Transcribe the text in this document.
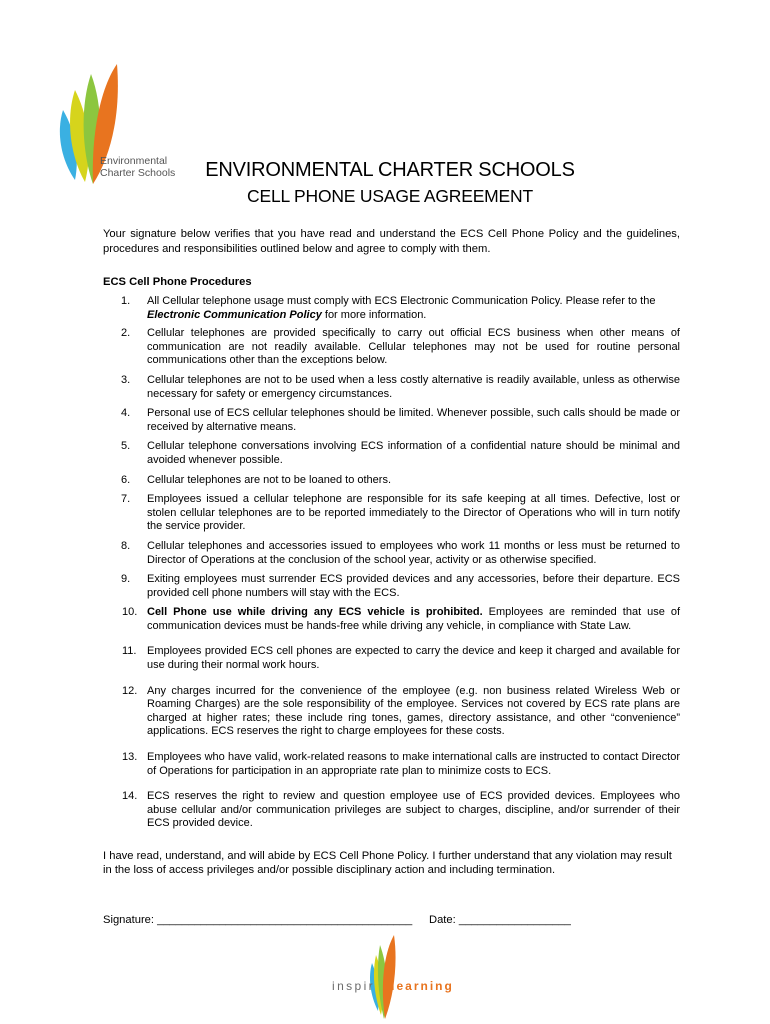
Environmental
Charter Schools	ENVIRONMENTAL CHARTER SCHOOLS
CELL PHONE USAGE AGREEMENT
Your signature below verifies that you have read and understand the ECS Cell Phone Policy and the guidelines, procedures and responsibilities outlined below and agree to comply with them.
ECS Cell Phone Procedures
1.	All Cellular telephone usage must comply with ECS Electronic Communication Policy. Please refer to the
Electronic Communication Policy for more information.
2.	Cellular telephones are provided specifically to carry out official ECS business when other means of communication are not readily available. Cellular telephones may not be used for routine personal communications other than the exceptions below.
3.	Cellular telephones are not to be used when a less costly alternative is readily available, unless as otherwise necessary for safety or emergency circumstances.
4.	Personal use of ECS cellular telephones should be limited. Whenever possible, such calls should be made or received by alternative means.
5.	Cellular telephone conversations involving ECS information of a confidential nature should be minimal and avoided whenever possible.
6.	Cellular telephones are not to be loaned to others.
7.	Employees issued a cellular telephone are responsible for its safe keeping at all times. Defective, lost or stolen cellular telephones are to be reported immediately to the Director of Operations who will in turn notify the service provider.
8.	Cellular telephones and accessories issued to employees who work 11 months or less must be returned to Director of Operations at the conclusion of the school year, activity or as otherwise specified.
9.	Exiting employees must surrender ECS provided devices and any accessories, before their departure. ECS provided cell phone numbers will stay with the ECS.
10. Cell Phone use while driving any ECS vehicle is prohibited. Employees are reminded that use of communication devices must be hands-free while driving any vehicle, in compliance with State Law.
11. Employees provided ECS cell phones are expected to carry the device and keep it charged and available for use during their normal work hours.
12. Any charges incurred for the convenience of the employee (e.g. non business related Wireless Web or Roaming Charges) are the sole responsibility of the employee. Services not covered by ECS rate plans are charged at higher rates; these include ring tones, games, directory assistance, and other “convenience” applications. ECS reserves the right to charge employees for these costs.
13. Employees who have valid, work-related reasons to make international calls are instructed to contact Director of Operations for participation in an appropriate rate plan to minimize costs to ECS.
14. ECS reserves the right to review and question employee use of ECS provided devices. Employees who abuse cellular and/or communication privileges are subject to charges, discipline, and/or surrender of their ECS provided device.
I have read, understand, and will abide by ECS Cell Phone Policy. I further understand that any violation may result in the loss of access privileges and/or possible disciplinary action and including termination.
Signature: _________________________________________ Date: __________________
inspir learning
